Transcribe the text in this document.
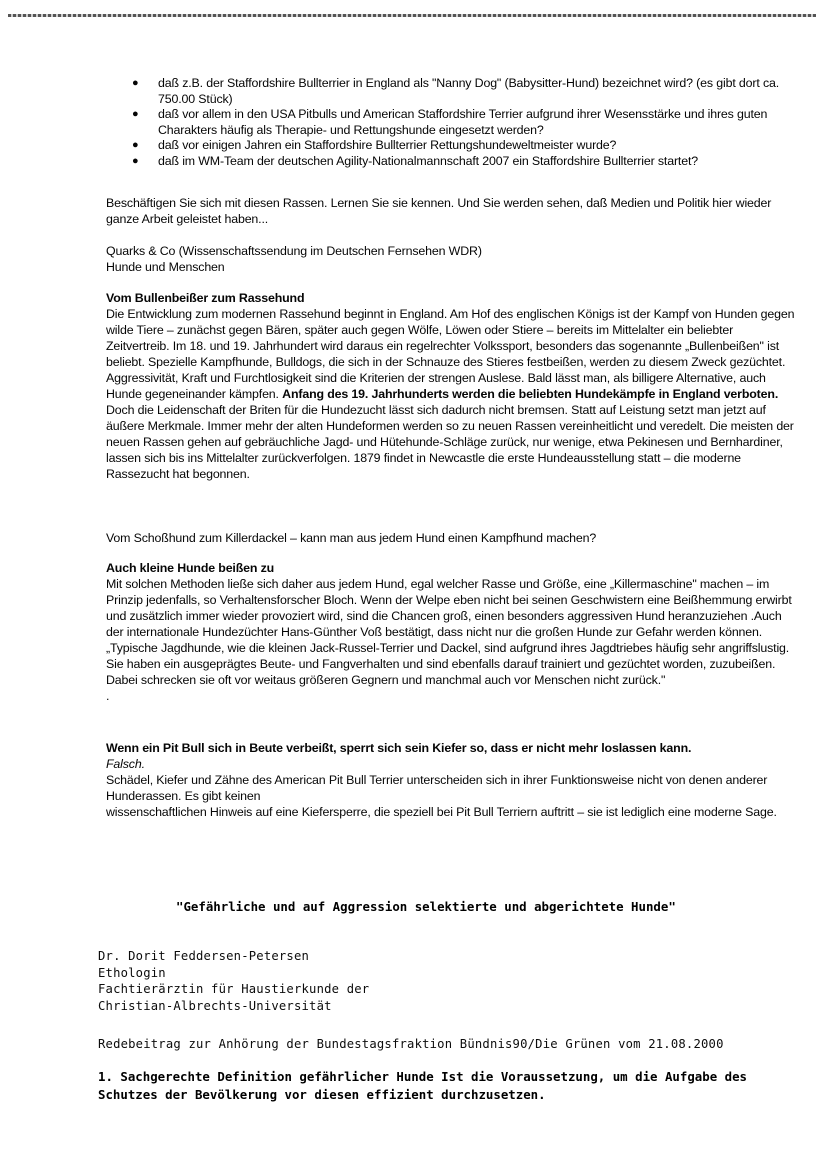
● daß z.B. der Staffordshire Bullterrier in England als "Nanny Dog" (Babysitter-Hund) bezeichnet wird? (es gibt dort ca. 750.00 Stück)
● daß vor allem in den USA Pitbulls und American Staffordshire Terrier aufgrund ihrer Wesensstärke und ihres guten Charakters häufig als Therapie- und Rettungshunde eingesetzt werden?
● daß vor einigen Jahren ein Staffordshire Bullterrier Rettungshundeweltmeister wurde?
● daß im WM-Team der deutschen Agility-Nationalmannschaft 2007 ein Staffordshire Bullterrier startet?

Beschäftigen Sie sich mit diesen Rassen. Lernen Sie sie kennen. Und Sie werden sehen, daß Medien und Politik hier wieder ganze Arbeit geleistet haben...

Quarks & Co (Wissenschaftssendung im Deutschen Fernsehen WDR)
Hunde und Menschen

Vom Bullenbeißer zum Rassehund
Die Entwicklung zum modernen Rassehund beginnt in England. Am Hof des englischen Königs ist der Kampf von Hunden gegen wilde Tiere – zunächst gegen Bären, später auch gegen Wölfe, Löwen oder Stiere – bereits im Mittelalter ein beliebter Zeitvertreib. Im 18. und 19. Jahrhundert wird daraus ein regelrechter Volkssport, besonders das sogenannte „Bullenbeißen" ist beliebt. Spezielle Kampfhunde, Bulldogs, die sich in der Schnauze des Stieres festbeißen, werden zu diesem Zweck gezüchtet.
Aggressivität, Kraft und Furchtlosigkeit sind die Kriterien der strengen Auslese. Bald lässt man, als billigere Alternative, auch Hunde gegeneinander kämpfen. Anfang des 19. Jahrhunderts werden die beliebten Hundekämpfe in England verboten. Doch die Leidenschaft der Briten für die Hundezucht lässt sich dadurch nicht bremsen. Statt auf Leistung setzt man jetzt auf äußere Merkmale. Immer mehr der alten Hundeformen werden so zu neuen Rassen vereinheitlicht und veredelt. Die meisten der neuen Rassen gehen auf gebräuchliche Jagd- und Hütehunde-Schläge zurück, nur wenige, etwa Pekinesen und Bernhardiner, lassen sich bis ins Mittelalter zurückverfolgen. 1879 findet in Newcastle die erste Hundeausstellung statt – die moderne Rassezucht hat begonnen.

Vom Schoßhund zum Killerdackel – kann man aus jedem Hund einen Kampfhund machen?

Auch kleine Hunde beißen zu
Mit solchen Methoden ließe sich daher aus jedem Hund, egal welcher Rasse und Größe, eine „Killermaschine" machen – im Prinzip jedenfalls, so Verhaltensforscher Bloch. Wenn der Welpe eben nicht bei seinen Geschwistern eine Beißhemmung erwirbt und zusätzlich immer wieder provoziert wird, sind die Chancen groß, einen besonders aggressiven Hund heranzuziehen .Auch der internationale Hundezüchter Hans-Günther Voß bestätigt, dass nicht nur die großen Hunde zur Gefahr werden können. „Typische Jagdhunde, wie die kleinen Jack-Russel-Terrier und Dackel, sind aufgrund ihres Jagdtriebes häufig sehr angriffslustig. Sie haben ein ausgeprägtes Beute- und Fangverhalten und sind ebenfalls darauf trainiert und gezüchtet worden, zuzubeißen. Dabei schrecken sie oft vor weitaus größeren Gegnern und manchmal auch vor Menschen nicht zurück."
.

Wenn ein Pit Bull sich in Beute verbeißt, sperrt sich sein Kiefer so, dass er nicht mehr loslassen kann.
Falsch.
Schädel, Kiefer und Zähne des American Pit Bull Terrier unterscheiden sich in ihrer Funktionsweise nicht von denen anderer Hunderassen. Es gibt keinen
wissenschaftlichen Hinweis auf eine Kiefersperre, die speziell bei Pit Bull Terriern auftritt – sie ist lediglich eine moderne Sage.

"Gefährliche und auf Aggression selektierte und abgerichtete Hunde"

Dr. Dorit Feddersen-Petersen
Ethologin
Fachtierärztin für Haustierkunde der
Christian-Albrechts-Universität

Redebeitrag zur Anhörung der Bundestagsfraktion Bündnis90/Die Grünen vom 21.08.2000

1. Sachgerechte Definition gefährlicher Hunde Ist die Voraussetzung, um die Aufgabe des Schutzes der Bevölkerung vor diesen effizient durchzusetzen.
